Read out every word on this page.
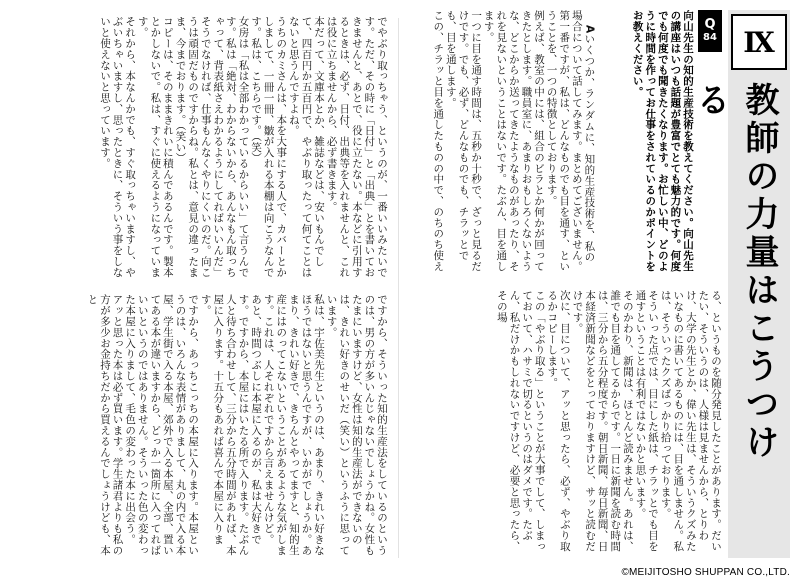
でやぶり取っちゃう、というのが、一番いいみたいです。ただ、その時に「日付」と「出典」とを書いておきませんと、あとで、役に立たない。本などに引用するときは、必ず、日付、出典等を入れませんと、これは役に立ちませんから、必ず書きます。
本だって、文庫本とか、雑誌などは、安いもんでして、四百円か五百円で、やぶり取ったって何てことはないと思うんですよね。
うちのカミさんは、本を大事にする人で、カバーとかしまして、一冊一冊、皺が入れる本棚は向こうなんです。私は、こちらです。（笑）
女房は「私は全部わかっているからいい」て言うんです。私は「絶対、わからないから、あんなもん取っちゃって、背表紙さえわかるようにしてればいいんだ」そうでなければ、仕事もんなくやりにくいのだ。向こうは頑固だものですからね。私とは、意見の違ったまま、今までおります。（笑い）
コピーは、そのままきれいに積んであるんです。製本とかしないで。私は、すぐに使えるようになっています。
それから、本なんかでも、すぐ取っちゃいますし、やぶいちゃいますし、思ったときに、そういう事をしないと使えないと思っています。
ですから、そういった知的生産法をしているのという のは、男の方が多いんじゃないでしょうかね。女性もたまにいますけど、女性は知的生産法ができないのは、きれい好きのせいだ（笑い）というふうに思っています。
私は、宇佐美先生というのは、あまり、きれい好きなほうではないと思うんですが、いかがでしょうか。あまり、きれい好きで、きちんとやってますと、知的生産にはのってこないということがあるような気がします。これは、人それぞれですから言えませんけど。
あと、時間つぶしに本屋に入るのが、私は大好きです。ですから、本屋にはいたる所で入ります。たぶん人と待ち合わせして、三分から五分時間があれば、本屋に入ります。十五分もあれば喜んで本屋に入ります。
ですから、あっちこっちの本屋に入ります。本屋というのは、いろんな表情がありまして、丸の内で入る本屋、学生街で入る本屋、郊外で入る本屋、全部、置いてある本が違いますから、どっか一箇所に入ってればいいというのではありません。そういった色の変わった本屋に入りまして、毛色の変わった本に出会う。
アッと思った本は必ず買います。学生諸君よりも私の方が多少お金持ちだから買えるんでしょうけども、本と
Ⅸ
教師の力量はこうつける
Q
84
向山先生の知的生産技術を教えてください。向山先生の講座はいつも話題が豊富でとても魅力的です。何度でも何度でも聞きたくなります。お忙しい中、どのように時間を作ってお仕事をされているのかポイントをお教えください。

Aいくつか、ランダムに、知的生産技術を、私の場合について話してみます。まとめてございません。
第一番ですが、私は、どんなものでも目を通す、ということを、一つの特徴としております。
例えば、教室の中には、組合のビラとか何かが回ってきたとします。職員室に、あまりおもしろくないような、どこからか送ってきたようなものがあったり、それを見ないということはないです。たぶん、目を通します。
一つに目を通す時間は、五秒か十秒で、ざっと見るだけです。でも、必ず、どんなものでも、チラッとでも、目を通します。
この、チラッと目を通したものの中で、のちのち使え

る、というものを随分発見したことがあります。だいたい、そういうのは、人様は見ませんから、とりわけ、大学の先生とか、偉い先生は、そういうクズみたいなものに書いてあるものには、目を通しません。私は、そういったクズばっかり拾っております。
そういった点では、目にした紙は、チラッとでも目を通すということは有利ではないかと思います。
そのかわり、新聞は、ほとんど読みません。あれは、誰でも目を通してるからです。一日に新聞を読む時間は、三分から五分程度です。朝日新聞、毎日新聞、日本経済新聞などをとっておりますけど、サッと読むだけです。
次に、目について、アッと思ったら、必ず、やぶり取るかコピーします。
この「やぶり取る」ということが大事でして、しまっておいて、ハサミで切るというのはダメです。たぶん、私だけかもしれないですけど、必要と思ったら、その場
©MEIJITOSHO SHUPPAN CO.,LTD.
